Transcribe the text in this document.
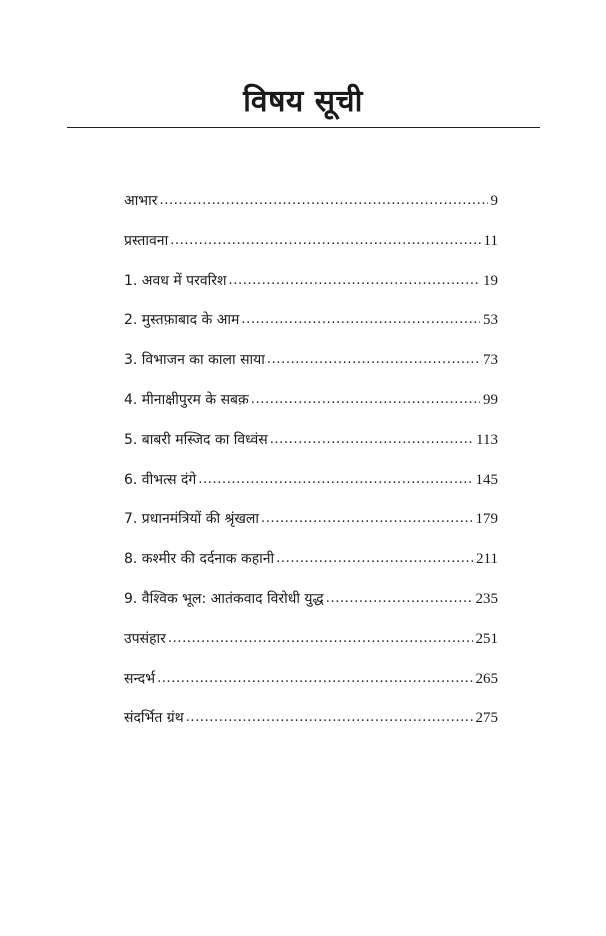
विषय सूची
आभार .....	9
प्रस्तावना .....	11
1. अवध में परवरिश .....	19
2. मुस्तफ़ाबाद के आम .....	53
3. विभाजन का काला साया .....	73
4. मीनाक्षीपुरम के सबक़ .....	99
5. बाबरी मस्जिद का विध्वंस .....	113
6. वीभत्स दंगे .....	145
7. प्रधानमंत्रियों की श्रृंखला .....	179
8. कश्मीर की दर्दनाक कहानी .....	211
9. वैश्विक भूल: आतंकवाद विरोधी युद्ध .....	235
उपसंहार .....	251
सन्दर्भ .....	265
संदर्भित ग्रंथ .....	275
